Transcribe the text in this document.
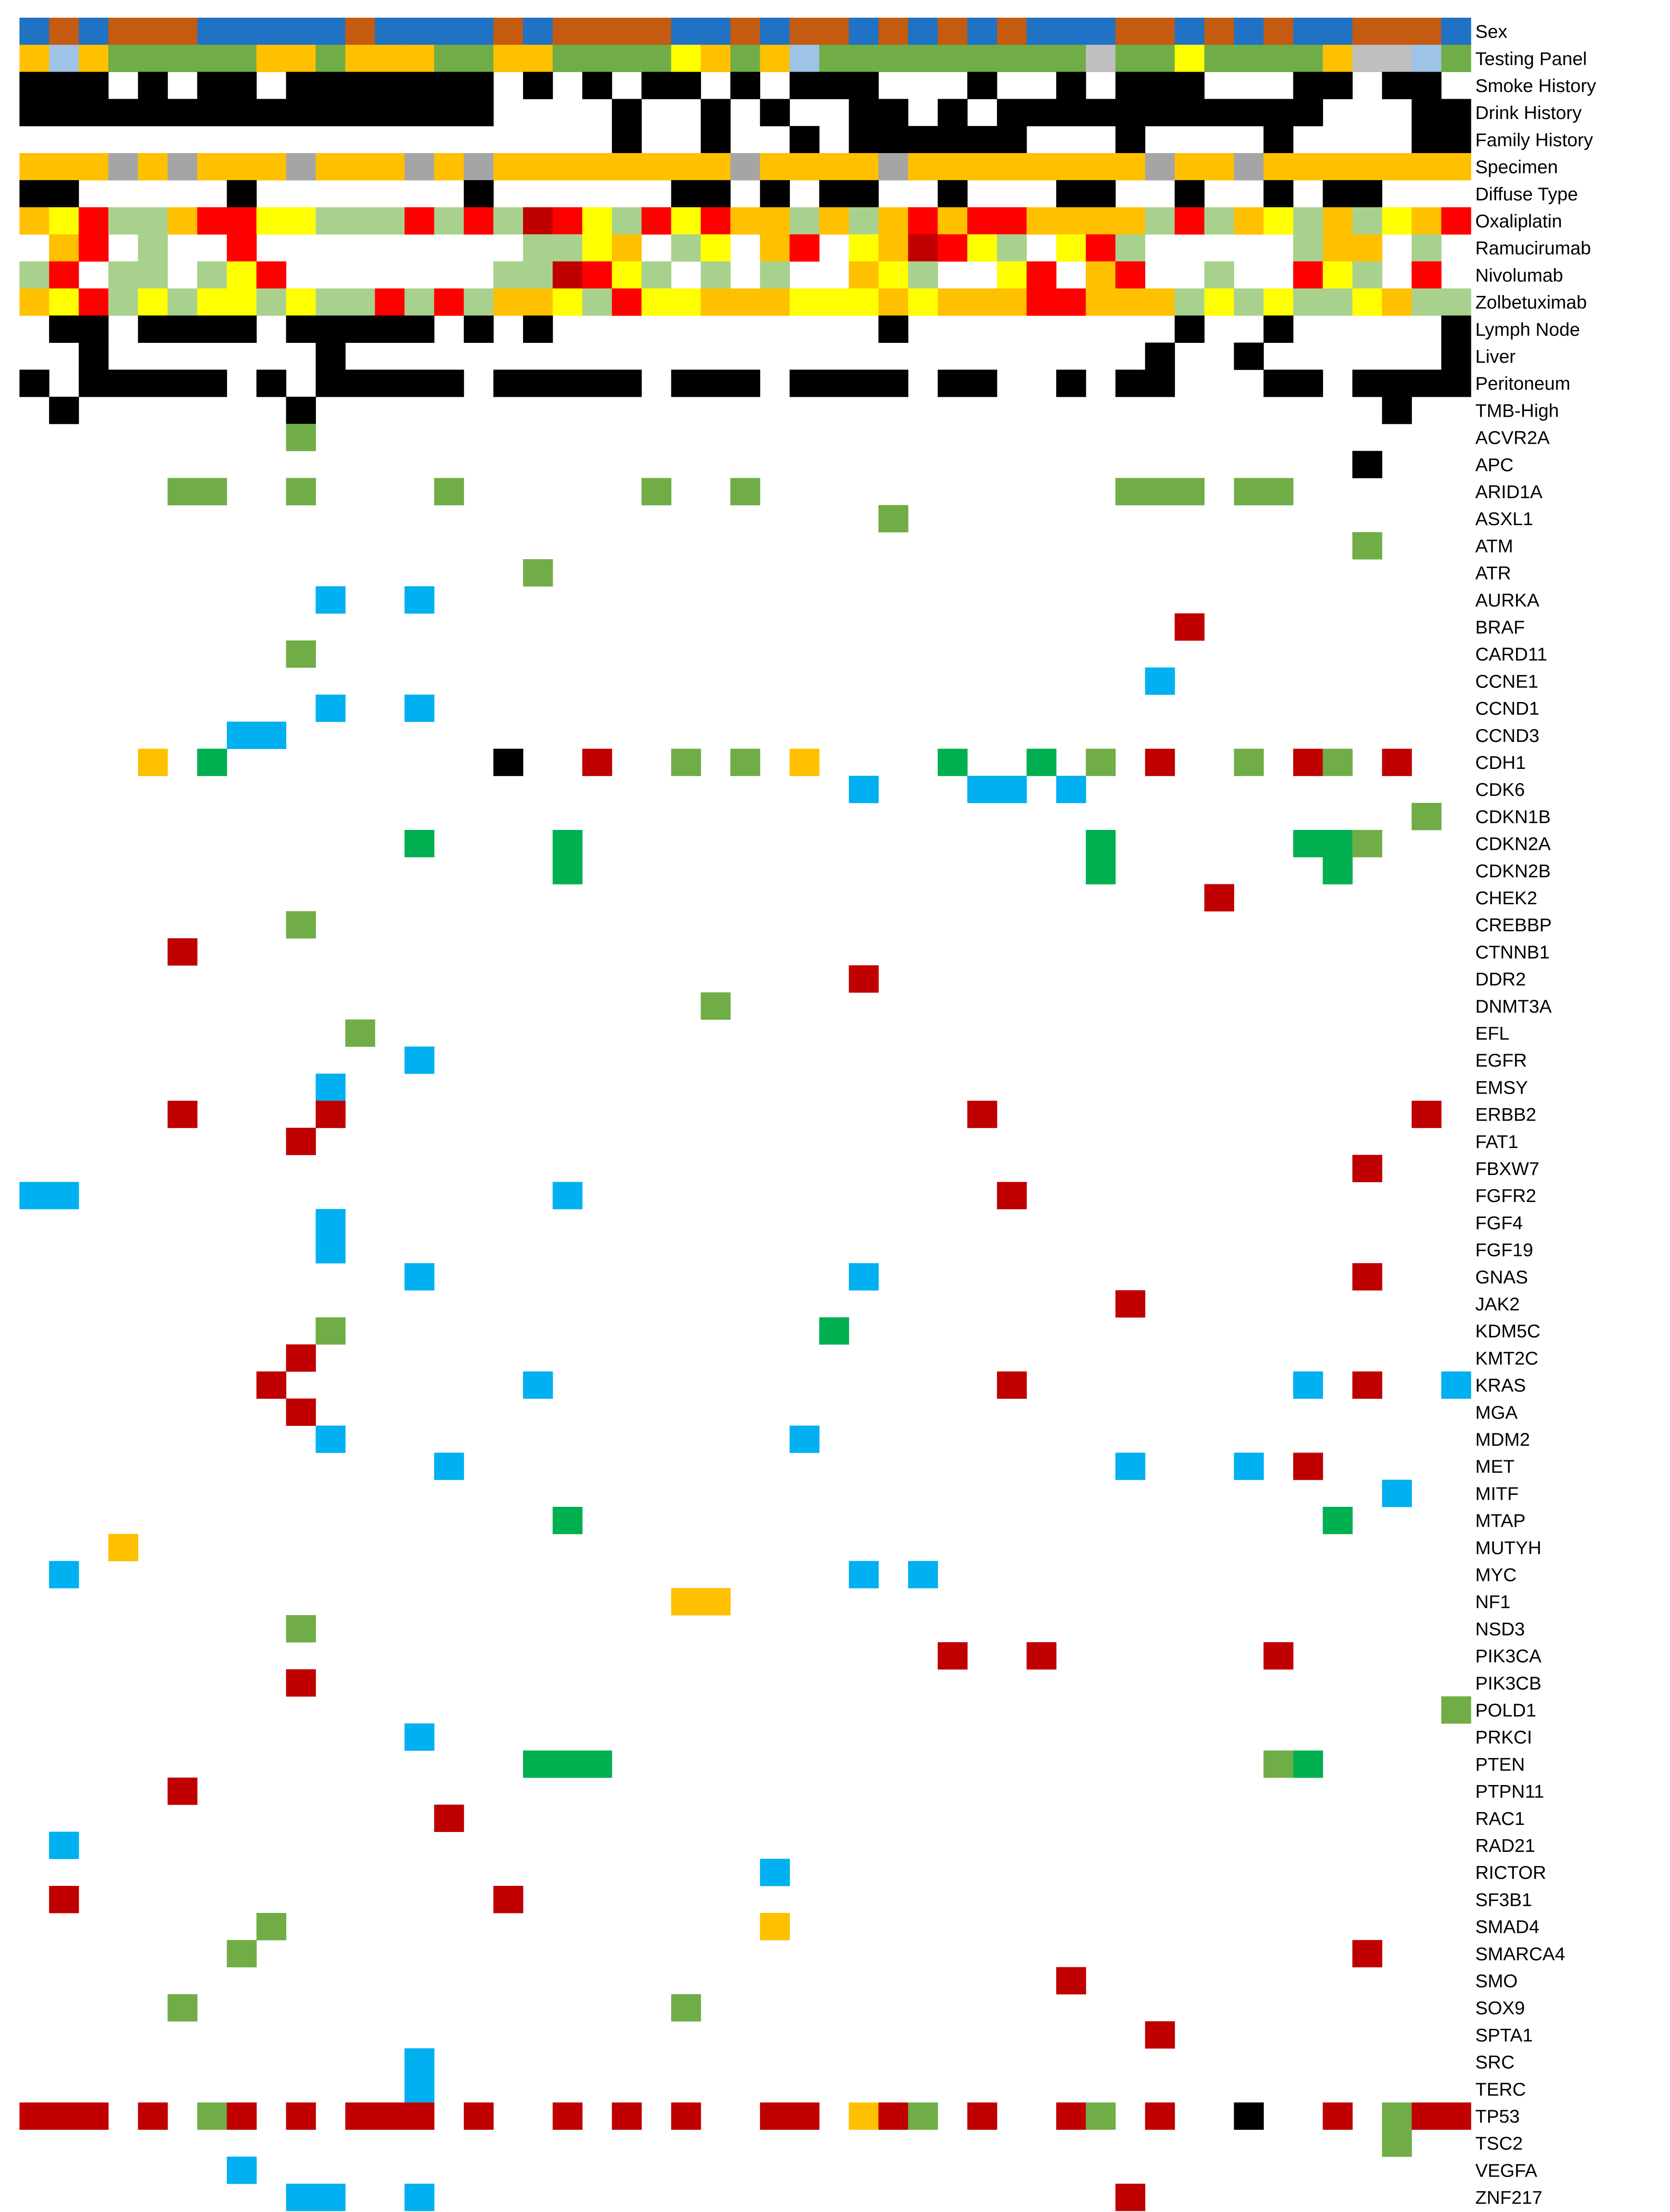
Sex
Testing Panel
Smoke History
Drink History
Family History
Specimen
Diffuse Type
Oxaliplatin
Ramucirumab
Nivolumab
Zolbetuximab
Lymph Node
Liver
Peritoneum
TMB-High
ACVR2A
APC
ARID1A
ASXL1
ATM
ATR
AURKA
BRAF
CARD11
CCNE1
CCND1
CCND3
CDH1
CDK6
CDKN1B
CDKN2A
CDKN2B
CHEK2
CREBBP
CTNNB1
DDR2
DNMT3A
EFL
EGFR
EMSY
ERBB2
FAT1
FBXW7
FGFR2
FGF4
FGF19
GNAS
JAK2
KDM5C
KMT2C
KRAS
MGA
MDM2
MET
MITF
MTAP
MUTYH
MYC
NF1
NSD3
PIK3CA
PIK3CB
POLD1
PRKCI
PTEN
PTPN11
RAC1
RAD21
RICTOR
SF3B1
SMAD4
SMARCA4
SMO
SOX9
SPTA1
SRC
TERC
TP53
TSC2
VEGFA
ZNF217
